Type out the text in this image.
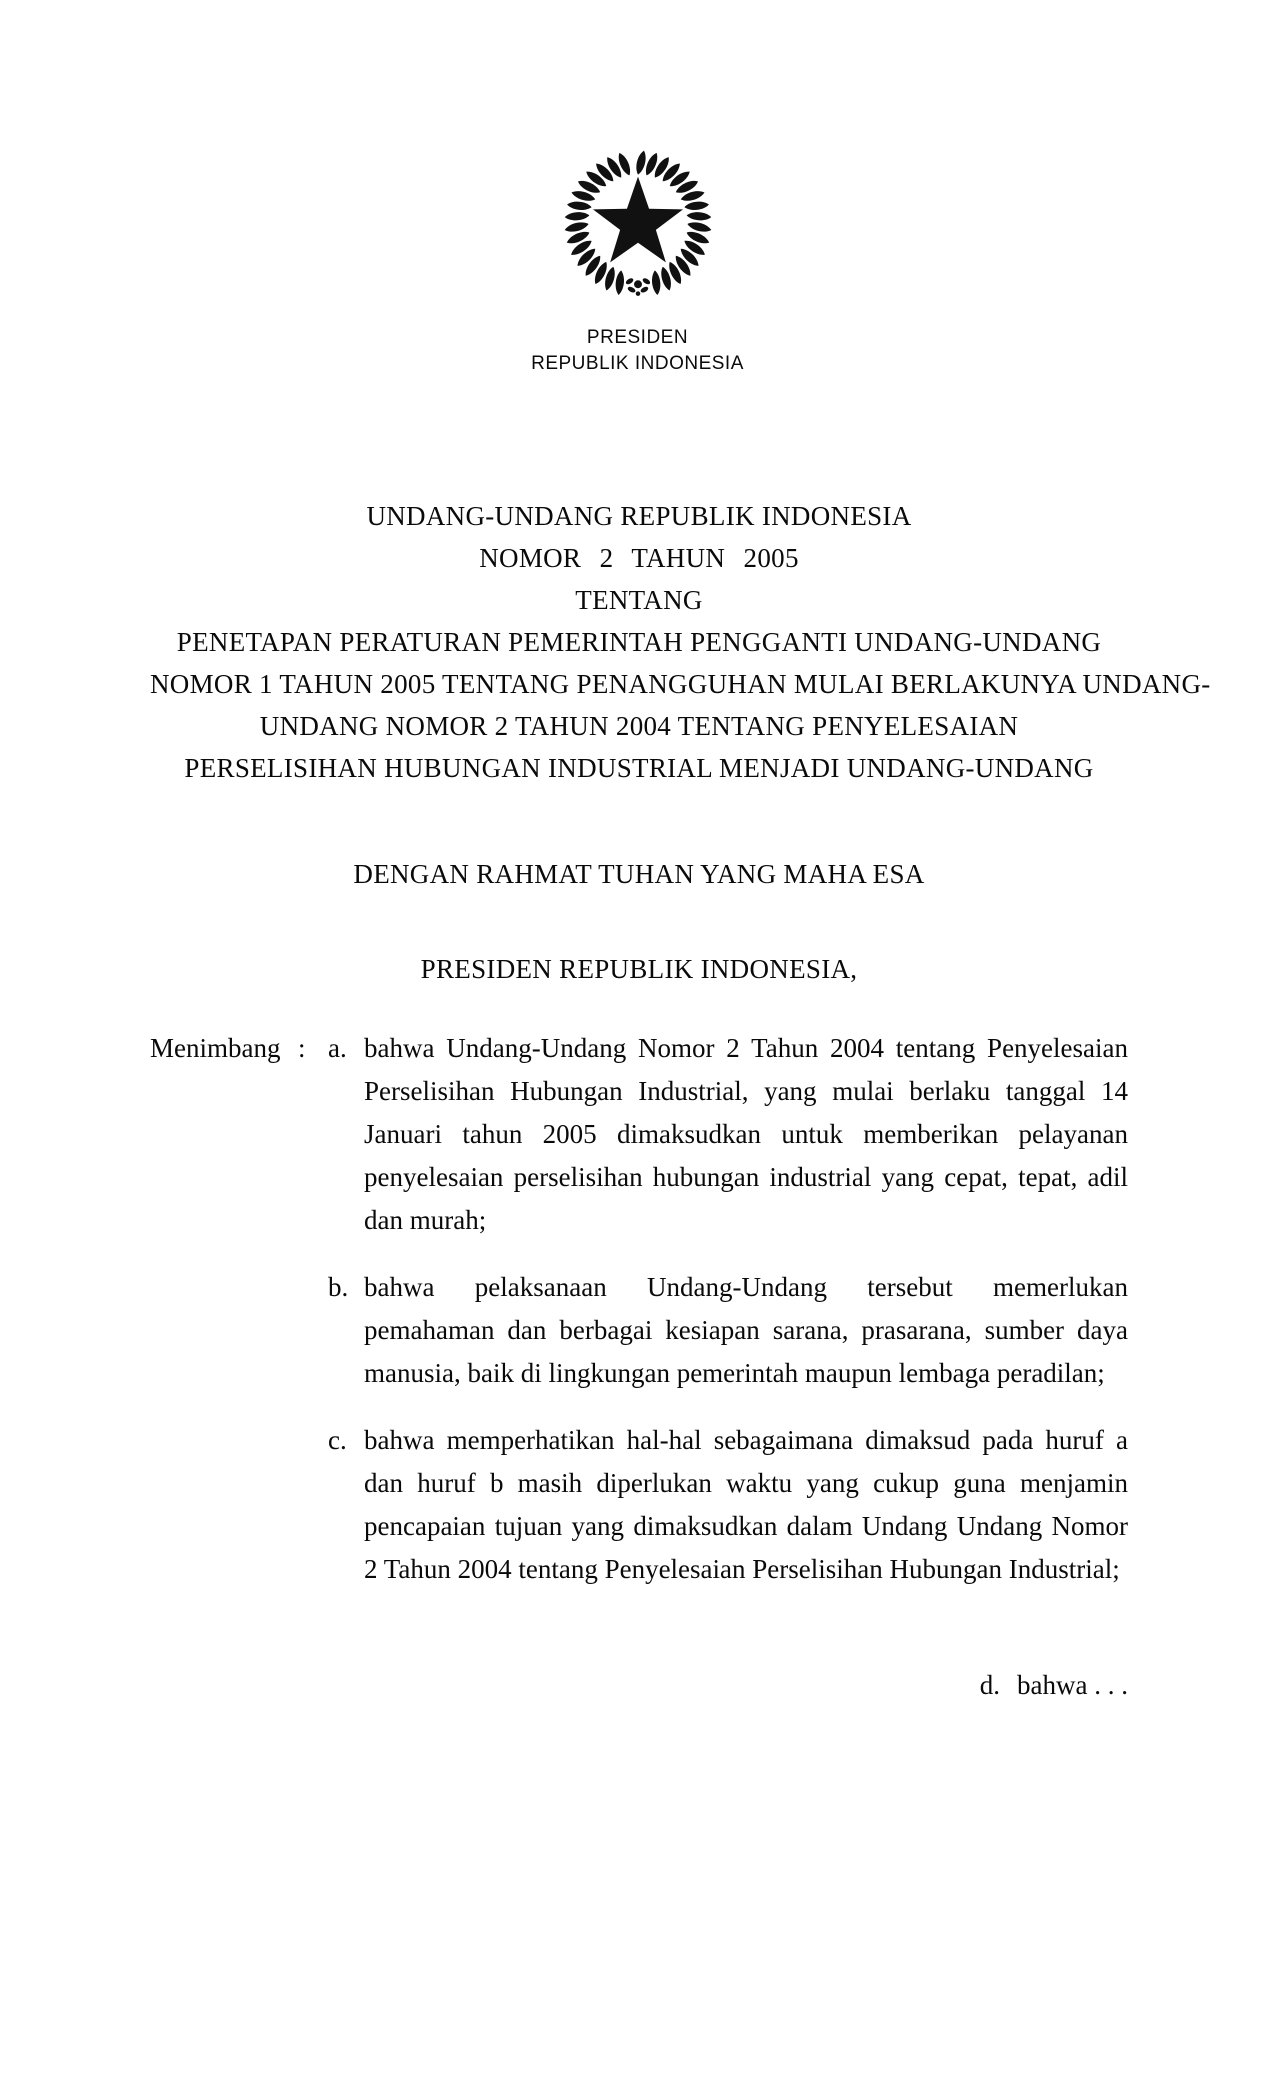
PRESIDEN
REPUBLIK INDONESIA
UNDANG-UNDANG REPUBLIK INDONESIA
NOMOR 2 TAHUN 2005
TENTANG
PENETAPAN PERATURAN PEMERINTAH PENGGANTI UNDANG-UNDANG
NOMOR 1 TAHUN 2005 TENTANG PENANGGUHAN MULAI BERLAKUNYA UNDANG-
UNDANG NOMOR 2 TAHUN 2004 TENTANG PENYELESAIAN
PERSELISIHAN HUBUNGAN INDUSTRIAL MENJADI UNDANG-UNDANG
DENGAN RAHMAT TUHAN YANG MAHA ESA
PRESIDEN REPUBLIK INDONESIA,
Menimbang : a. bahwa Undang-Undang Nomor 2 Tahun 2004 tentang Penyelesaian Perselisihan Hubungan Industrial, yang mulai berlaku tanggal 14 Januari tahun 2005 dimaksudkan untuk memberikan pelayanan penyelesaian perselisihan hubungan industrial yang cepat, tepat, adil dan murah;

b. bahwa pelaksanaan Undang-Undang tersebut memerlukan pemahaman dan berbagai kesiapan sarana, prasarana, sumber daya manusia, baik di lingkungan pemerintah maupun lembaga peradilan;

c. bahwa memperhatikan hal-hal sebagaimana dimaksud pada huruf a dan huruf b masih diperlukan waktu yang cukup guna menjamin pencapaian tujuan yang dimaksudkan dalam Undang Undang Nomor 2 Tahun 2004 tentang Penyelesaian Perselisihan Hubungan Industrial;

d. bahwa . . .
